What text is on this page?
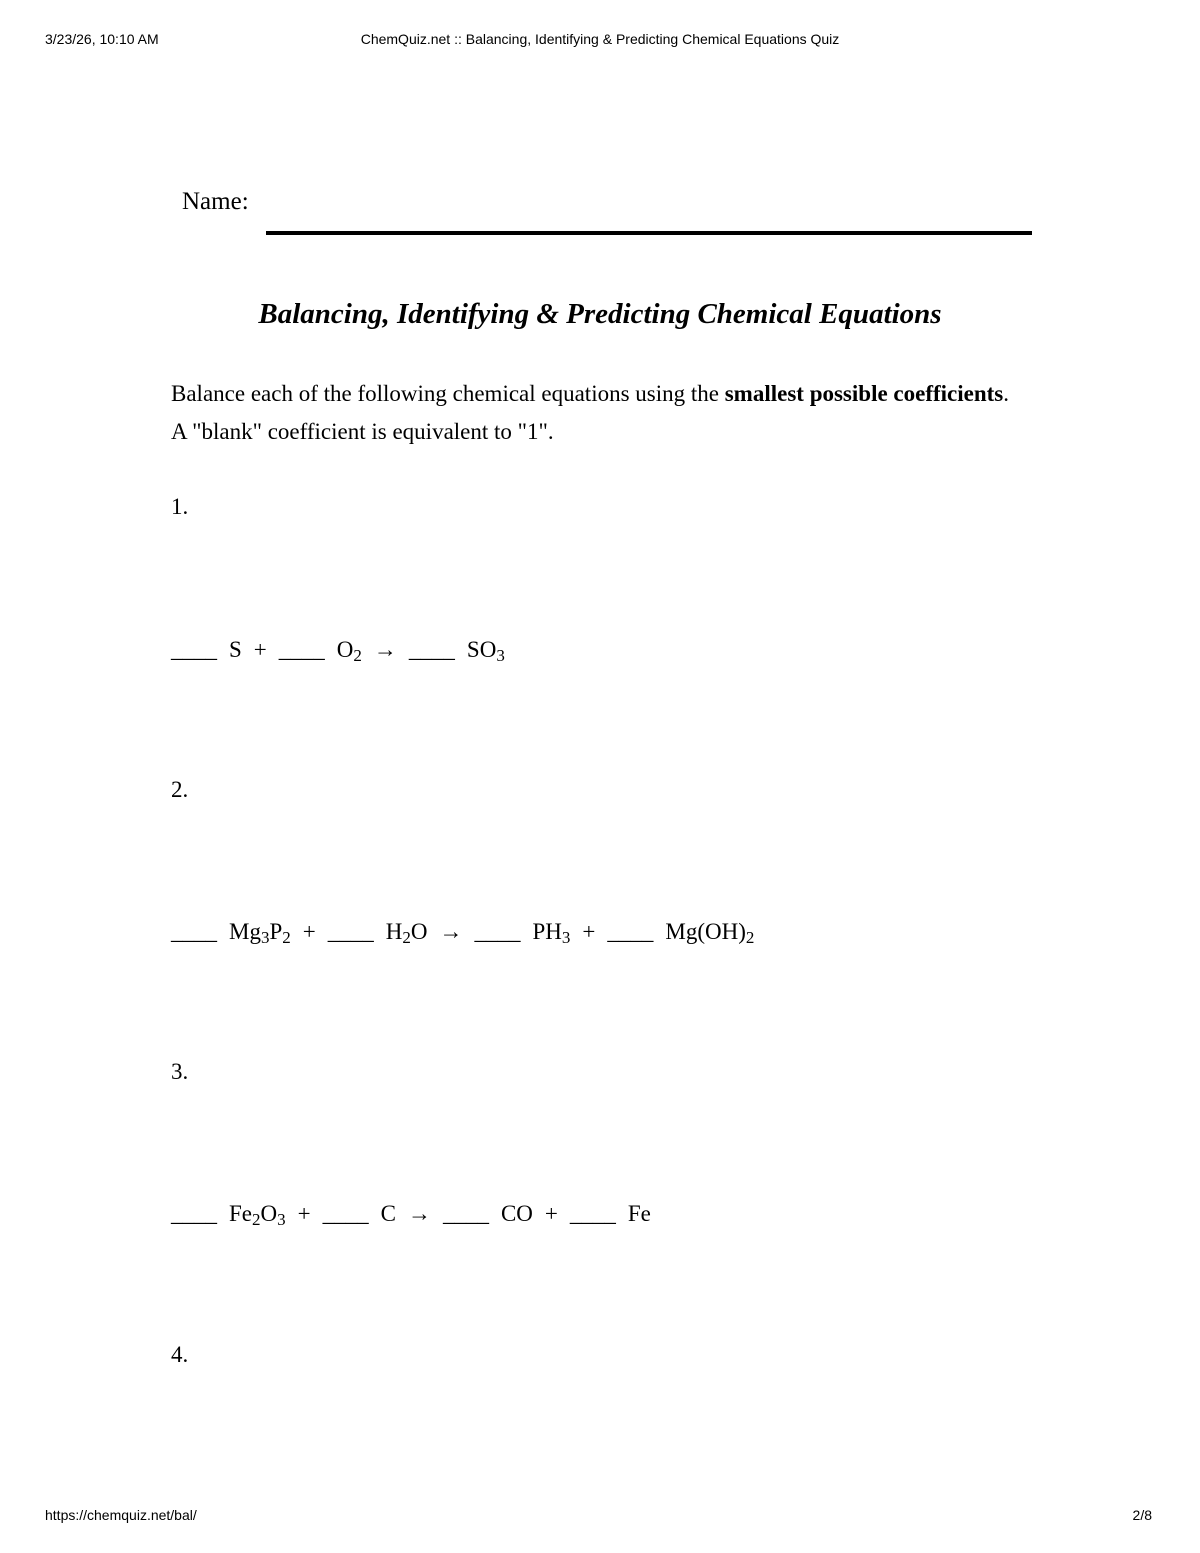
3/23/26, 10:10 AM	ChemQuiz.net :: Balancing, Identifying & Predicting Chemical Equations Quiz
Name:
Balancing, Identifying & Predicting Chemical Equations
Balance each of the following chemical equations using the smallest possible coefficients. A "blank" coefficient is equivalent to "1".
1.
____ S + ____ O2 → ____ SO3
2.
____ Mg3P2 + ____ H2O → ____ PH3 + ____ Mg(OH)2
3.
____ Fe2O3 + ____ C → ____ CO + ____ Fe
4.
https://chemquiz.net/bal/	2/8
